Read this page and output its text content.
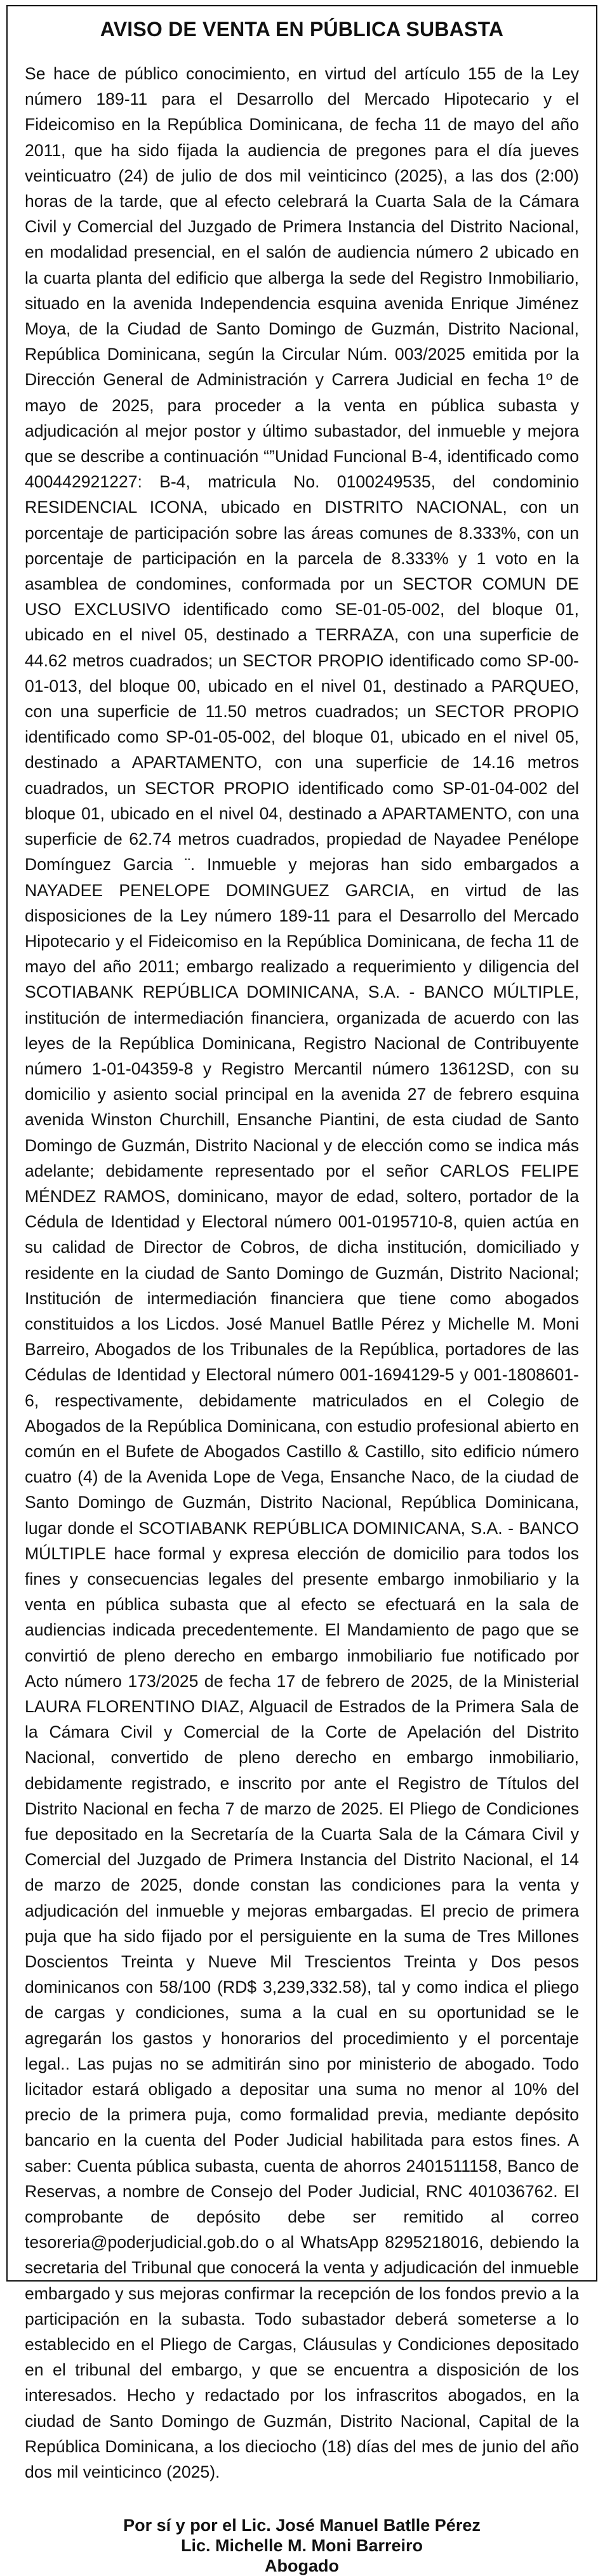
AVISO DE VENTA EN PÚBLICA SUBASTA
Se hace de público conocimiento, en virtud del artículo 155 de la Ley número 189-11 para el Desarrollo del Mercado Hipotecario y el Fideicomiso en la República Dominicana, de fecha 11 de mayo del año 2011, que ha sido fijada la audiencia de pregones para el día jueves veinticuatro (24) de julio de dos mil veinticinco (2025), a las dos (2:00) horas de la tarde, que al efecto celebrará la Cuarta Sala de la Cámara Civil y Comercial del Juzgado de Primera Instancia del Distrito Nacional, en modalidad presencial, en el salón de audiencia número 2 ubicado en la cuarta planta del edificio que alberga la sede del Registro Inmobiliario, situado en la avenida Independencia esquina avenida Enrique Jiménez Moya, de la Ciudad de Santo Domingo de Guzmán, Distrito Nacional, República Dominicana, según la Circular Núm. 003/2025 emitida por la Dirección General de Administración y Carrera Judicial en fecha 1º de mayo de 2025, para proceder a la venta en pública subasta y adjudicación al mejor postor y último subastador, del inmueble y mejora que se describe a continuación “”Unidad Funcional B-4, identificado como 400442921227: B-4, matricula No. 0100249535, del condominio RESIDENCIAL ICONA, ubicado en DISTRITO NACIONAL, con un porcentaje de participación sobre las áreas comunes de 8.333%, con un porcentaje de participación en la parcela de 8.333% y 1 voto en la asamblea de condomines, conformada por un SECTOR COMUN DE USO EXCLUSIVO identificado como SE-01-05-002, del bloque 01, ubicado en el nivel 05, destinado a TERRAZA, con una superficie de 44.62 metros cuadrados; un SECTOR PROPIO identificado como SP-00-01-013, del bloque 00, ubicado en el nivel 01, destinado a PARQUEO, con una superficie de 11.50 metros cuadrados; un SECTOR PROPIO identificado como SP-01-05-002, del bloque 01, ubicado en el nivel 05, destinado a APARTAMENTO, con una superficie de 14.16 metros cuadrados, un SECTOR PROPIO identificado como SP-01-04-002 del bloque 01, ubicado en el nivel 04, destinado a APARTAMENTO, con una superficie de 62.74 metros cuadrados, propiedad de Nayadee Penélope Domínguez Garcia ¨. Inmueble y mejoras han sido embargados a NAYADEE PENELOPE DOMINGUEZ GARCIA, en virtud de las disposiciones de la Ley número 189-11 para el Desarrollo del Mercado Hipotecario y el Fideicomiso en la República Dominicana, de fecha 11 de mayo del año 2011; embargo realizado a requerimiento y diligencia del SCOTIABANK REPÚBLICA DOMINICANA, S.A. - BANCO MÚLTIPLE, institución de intermediación financiera, organizada de acuerdo con las leyes de la República Dominicana, Registro Nacional de Contribuyente número 1-01-04359-8 y Registro Mercantil número 13612SD, con su domicilio y asiento social principal en la avenida 27 de febrero esquina avenida Winston Churchill, Ensanche Piantini, de esta ciudad de Santo Domingo de Guzmán, Distrito Nacional y de elección como se indica más adelante; debidamente representado por el señor CARLOS FELIPE MÉNDEZ RAMOS, dominicano, mayor de edad, soltero, portador de la Cédula de Identidad y Electoral número 001-0195710-8, quien actúa en su calidad de Director de Cobros, de dicha institución, domiciliado y residente en la ciudad de Santo Domingo de Guzmán, Distrito Nacional; Institución de intermediación financiera que tiene como abogados constituidos a los Licdos. José Manuel Batlle Pérez y Michelle M. Moni Barreiro, Abogados de los Tribunales de la República, portadores de las Cédulas de Identidad y Electoral número 001-1694129-5 y 001-1808601-6, respectivamente, debidamente matriculados en el Colegio de Abogados de la República Dominicana, con estudio profesional abierto en común en el Bufete de Abogados Castillo & Castillo, sito edificio número cuatro (4) de la Avenida Lope de Vega, Ensanche Naco, de la ciudad de Santo Domingo de Guzmán, Distrito Nacional, República Dominicana, lugar donde el SCOTIABANK REPÚBLICA DOMINICANA, S.A. - BANCO MÚLTIPLE hace formal y expresa elección de domicilio para todos los fines y consecuencias legales del presente embargo inmobiliario y la venta en pública subasta que al efecto se efectuará en la sala de audiencias indicada precedentemente. El Mandamiento de pago que se convirtió de pleno derecho en embargo inmobiliario fue notificado por Acto número 173/2025 de fecha 17 de febrero de 2025, de la Ministerial LAURA FLORENTINO DIAZ, Alguacil de Estrados de la Primera Sala de la Cámara Civil y Comercial de la Corte de Apelación del Distrito Nacional, convertido de pleno derecho en embargo inmobiliario, debidamente registrado, e inscrito por ante el Registro de Títulos del Distrito Nacional en fecha 7 de marzo de 2025. El Pliego de Condiciones fue depositado en la Secretaría de la Cuarta Sala de la Cámara Civil y Comercial del Juzgado de Primera Instancia del Distrito Nacional, el 14 de marzo de 2025, donde constan las condiciones para la venta y adjudicación del inmueble y mejoras embargadas. El precio de primera puja que ha sido fijado por el persiguiente en la suma de Tres Millones Doscientos Treinta y Nueve Mil Trescientos Treinta y Dos pesos dominicanos con 58/100 (RD$ 3,239,332.58), tal y como indica el pliego de cargas y condiciones, suma a la cual en su oportunidad se le agregarán los gastos y honorarios del procedimiento y el porcentaje legal.. Las pujas no se admitirán sino por ministerio de abogado. Todo licitador estará obligado a depositar una suma no menor al 10% del precio de la primera puja, como formalidad previa, mediante depósito bancario en la cuenta del Poder Judicial habilitada para estos fines. A saber: Cuenta pública subasta, cuenta de ahorros 2401511158, Banco de Reservas, a nombre de Consejo del Poder Judicial, RNC 401036762. El comprobante de depósito debe ser remitido al correo tesoreria@poderjudicial.gob.do o al WhatsApp 8295218016, debiendo la secretaria del Tribunal que conocerá la venta y adjudicación del inmueble embargado y sus mejoras confirmar la recepción de los fondos previo a la participación en la subasta. Todo subastador deberá someterse a lo establecido en el Pliego de Cargas, Cláusulas y Condiciones depositado en el tribunal del embargo, y que se encuentra a disposición de los interesados. Hecho y redactado por los infrascritos abogados, en la ciudad de Santo Domingo de Guzmán, Distrito Nacional, Capital de la República Dominicana, a los dieciocho (18) días del mes de junio del año dos mil veinticinco (2025).
Por sí y por el Lic. José Manuel Batlle Pérez
Lic. Michelle M. Moni Barreiro
Abogado
